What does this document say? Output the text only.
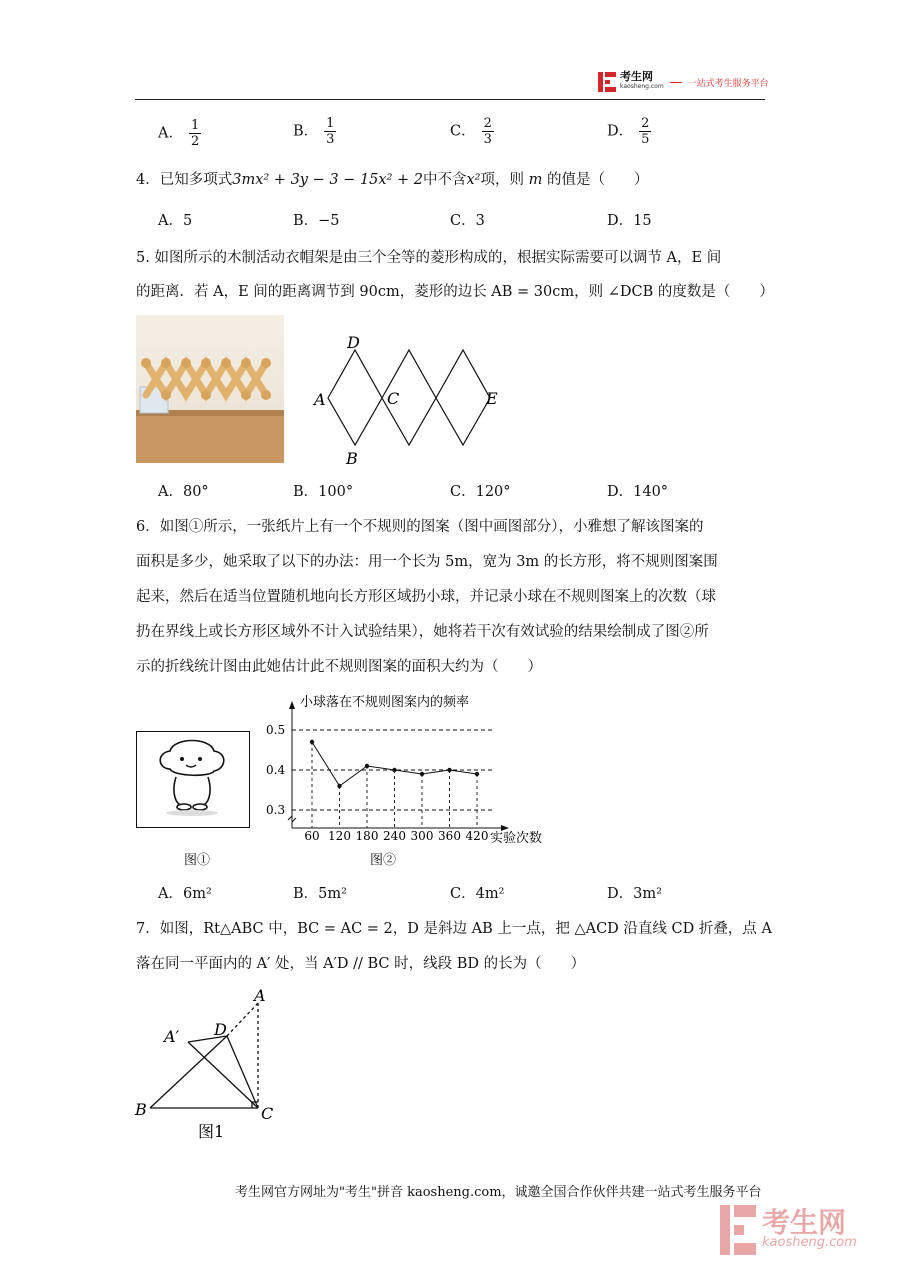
考生网
kaosheng.com	一站式考生服务平台
A． $\frac{1}{2}$	B． $\frac{1}{3}$	C． $\frac{2}{3}$	D． $\frac{2}{5}$
4．已知多项式3mx² + 3y − 3 − 15x² + 2中不含x²项，则 m 的值是（　　）
A．5	B．−5	C．3	D．15
5. 如图所示的木制活动衣帽架是由三个全等的菱形构成的，根据实际需要可以调节 A，E 间
的距离．若 A，E 间的距离调节到 90cm，菱形的边长 AB = 30cm，则 ∠DCB 的度数是（　　）
D
A	C	E
B
A．80°	B．100°	C．120°	D．140°
6．如图①所示，一张纸片上有一个不规则的图案（图中画图部分），小雅想了解该图案的
面积是多少，她采取了以下的办法：用一个长为 5m，宽为 3m 的长方形，将不规则图案围
起来，然后在适当位置随机地向长方形区域扔小球，并记录小球在不规则图案上的次数（球
扔在界线上或长方形区域外不计入试验结果），她将若干次有效试验的结果绘制成了图②所
示的折线统计图由此她估计此不规则图案的面积大约为（　　）
图①
小球落在不规则图案内的频率
实验次数
0.3
0.4
0.5
60 120 180 240 300 360 420
图②
A．6m²	B．5m²	C．4m²	D．3m²
7．如图，Rt△ABC 中，BC = AC = 2，D 是斜边 AB 上一点，把 △ACD 沿直线 CD 折叠，点 A
落在同一平面内的 A′ 处，当 A′D // BC 时，线段 BD 的长为（　　）
A
A′ D
B	C
图1
考生网官方网址为"考生"拼音 kaosheng.com，诚邀全国合作伙伴共建一站式考生服务平台
考生网
kaosheng.com
